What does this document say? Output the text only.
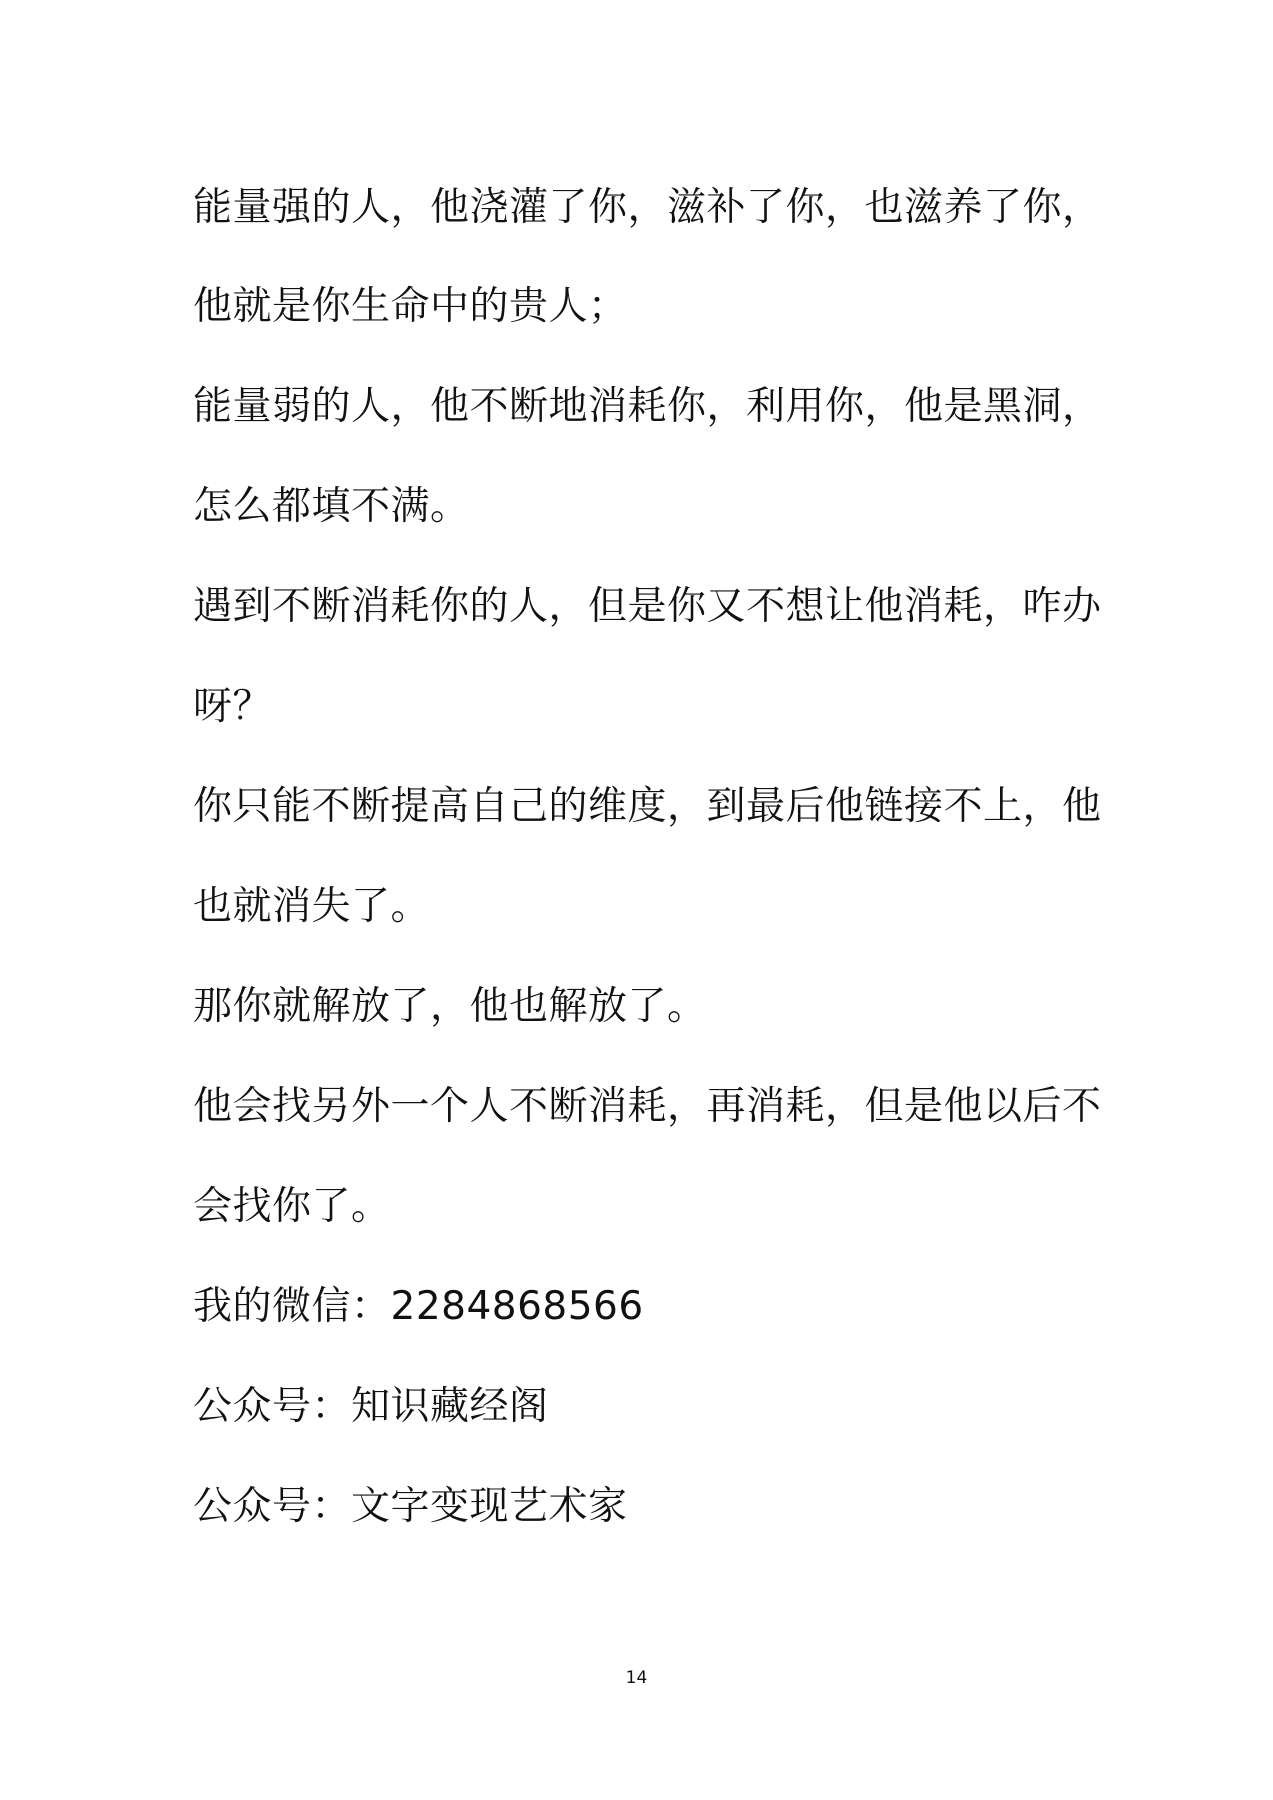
能量强的人，他浇灌了你，滋补了你，也滋养了你，
他就是你生命中的贵人；
能量弱的人，他不断地消耗你，利用你，他是黑洞，
怎么都填不满。
遇到不断消耗你的人，但是你又不想让他消耗，咋办
呀？
你只能不断提高自己的维度，到最后他链接不上，他
也就消失了。
那你就解放了，他也解放了。
他会找另外一个人不断消耗，再消耗，但是他以后不
会找你了。
我的微信：2284868566
公众号：知识藏经阁
公众号：文字变现艺术家
14
